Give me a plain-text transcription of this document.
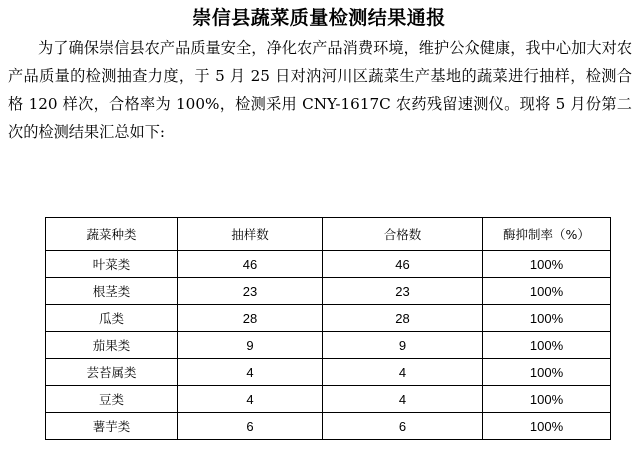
崇信县蔬菜质量检测结果通报

为了确保崇信县农产品质量安全，净化农产品消费环境，维护公众健康，我中心加大对农产品质量的检测抽查力度，于 5 月 25 日对汭河川区蔬菜生产基地的蔬菜进行抽样，检测合格 120 样次，合格率为 100%，检测采用 CNY-1617C 农药残留速测仪。现将 5 月份第二次的检测结果汇总如下:

蔬菜种类	抽样数	合格数	酶抑制率（%）
叶菜类	46	46	100%
根茎类	23	23	100%
瓜类	28	28	100%
茄果类	9	9	100%
芸苔属类	4	4	100%
豆类	4	4	100%
薯芋类	6	6	100%
